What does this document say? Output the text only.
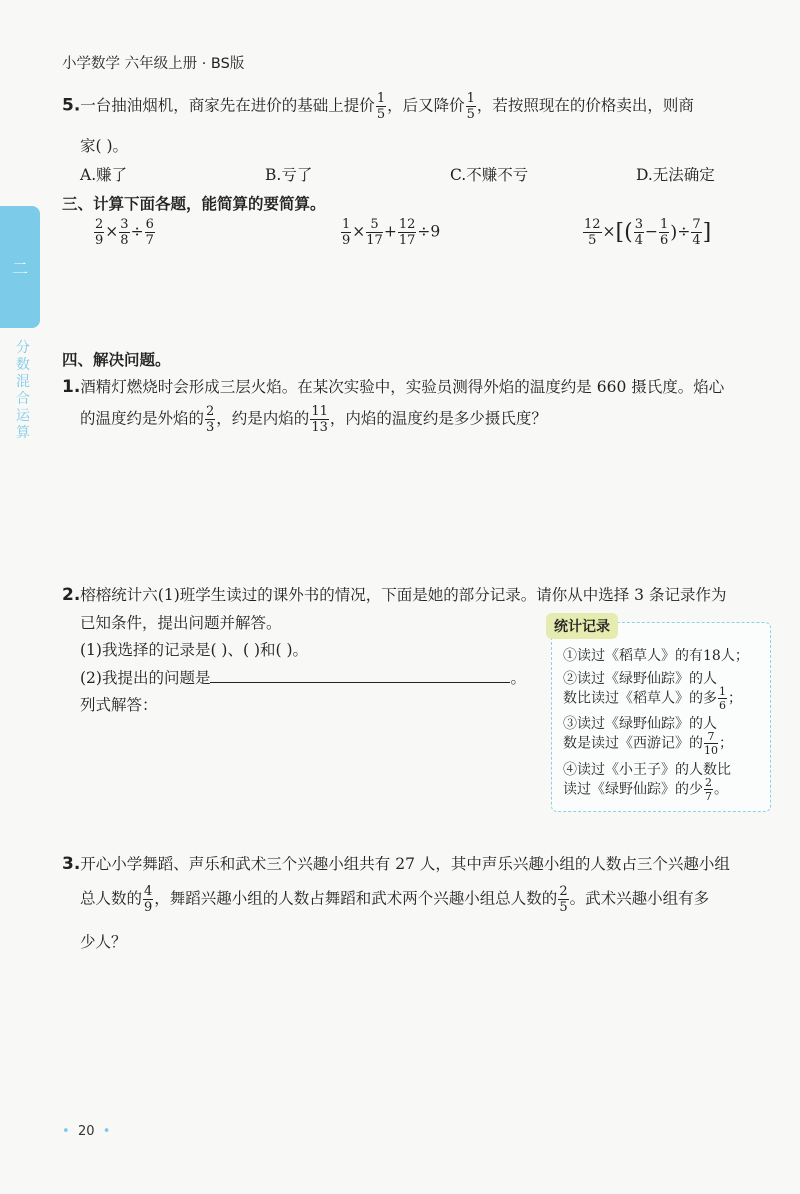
小学数学 六年级上册 · BS版
二
分数混合运算
5.一台抽油烟机，商家先在进价的基础上提价 $\frac{1}{5}$ ，后又降价 $\frac{1}{5}$ ，若按照现在的价格卖出，则商
家( )。
A.赚了	B.亏了	C.不赚不亏	D.无法确定
三、计算下面各题，能简算的要简算。
$\frac{2}{9} \times \frac{3}{8} \div \frac{6}{7}$	$\frac{1}{9} \times \frac{5}{17} + \frac{12}{17} \div 9$	$\frac{12}{5}$ ×[( $\frac{3}{4} - \frac{1}{6}$ )÷ $\frac{7}{4}$ ]
四、解决问题。
1.酒精灯燃烧时会形成三层火焰。在某次实验中，实验员测得外焰的温度约是 660 摄氏度。焰心
的温度约是外焰的 $\frac{2}{3}$ ，约是内焰的 $\frac{11}{13}$ ，内焰的温度约是多少摄氏度？
2.榕榕统计六(1)班学生读过的课外书的情况，下面是她的部分记录。请你从中选择 3 条记录作为
已知条件，提出问题并解答。
(1)我选择的记录是( )、( )和( )。
(2)我提出的问题是	。
列式解答：
统计记录
①读过《稻草人》的有18人；
②读过《绿野仙踪》的人
数比读过《稻草人》的多 $\frac{1}{6}$ ；
③读过《绿野仙踪》的人
数是读过《西游记》的 $\frac{7}{10}$ ；
④读过《小王子》的人数比
读过《绿野仙踪》的少 $\frac{2}{7}$ 。
3.开心小学舞蹈、声乐和武术三个兴趣小组共有 27 人，其中声乐兴趣小组的人数占三个兴趣小组
总人数的 $\frac{4}{9}$ ，舞蹈兴趣小组的人数占舞蹈和武术两个兴趣小组总人数的 $\frac{2}{5}$ 。武术兴趣小组有多
少人？
• 20 •
